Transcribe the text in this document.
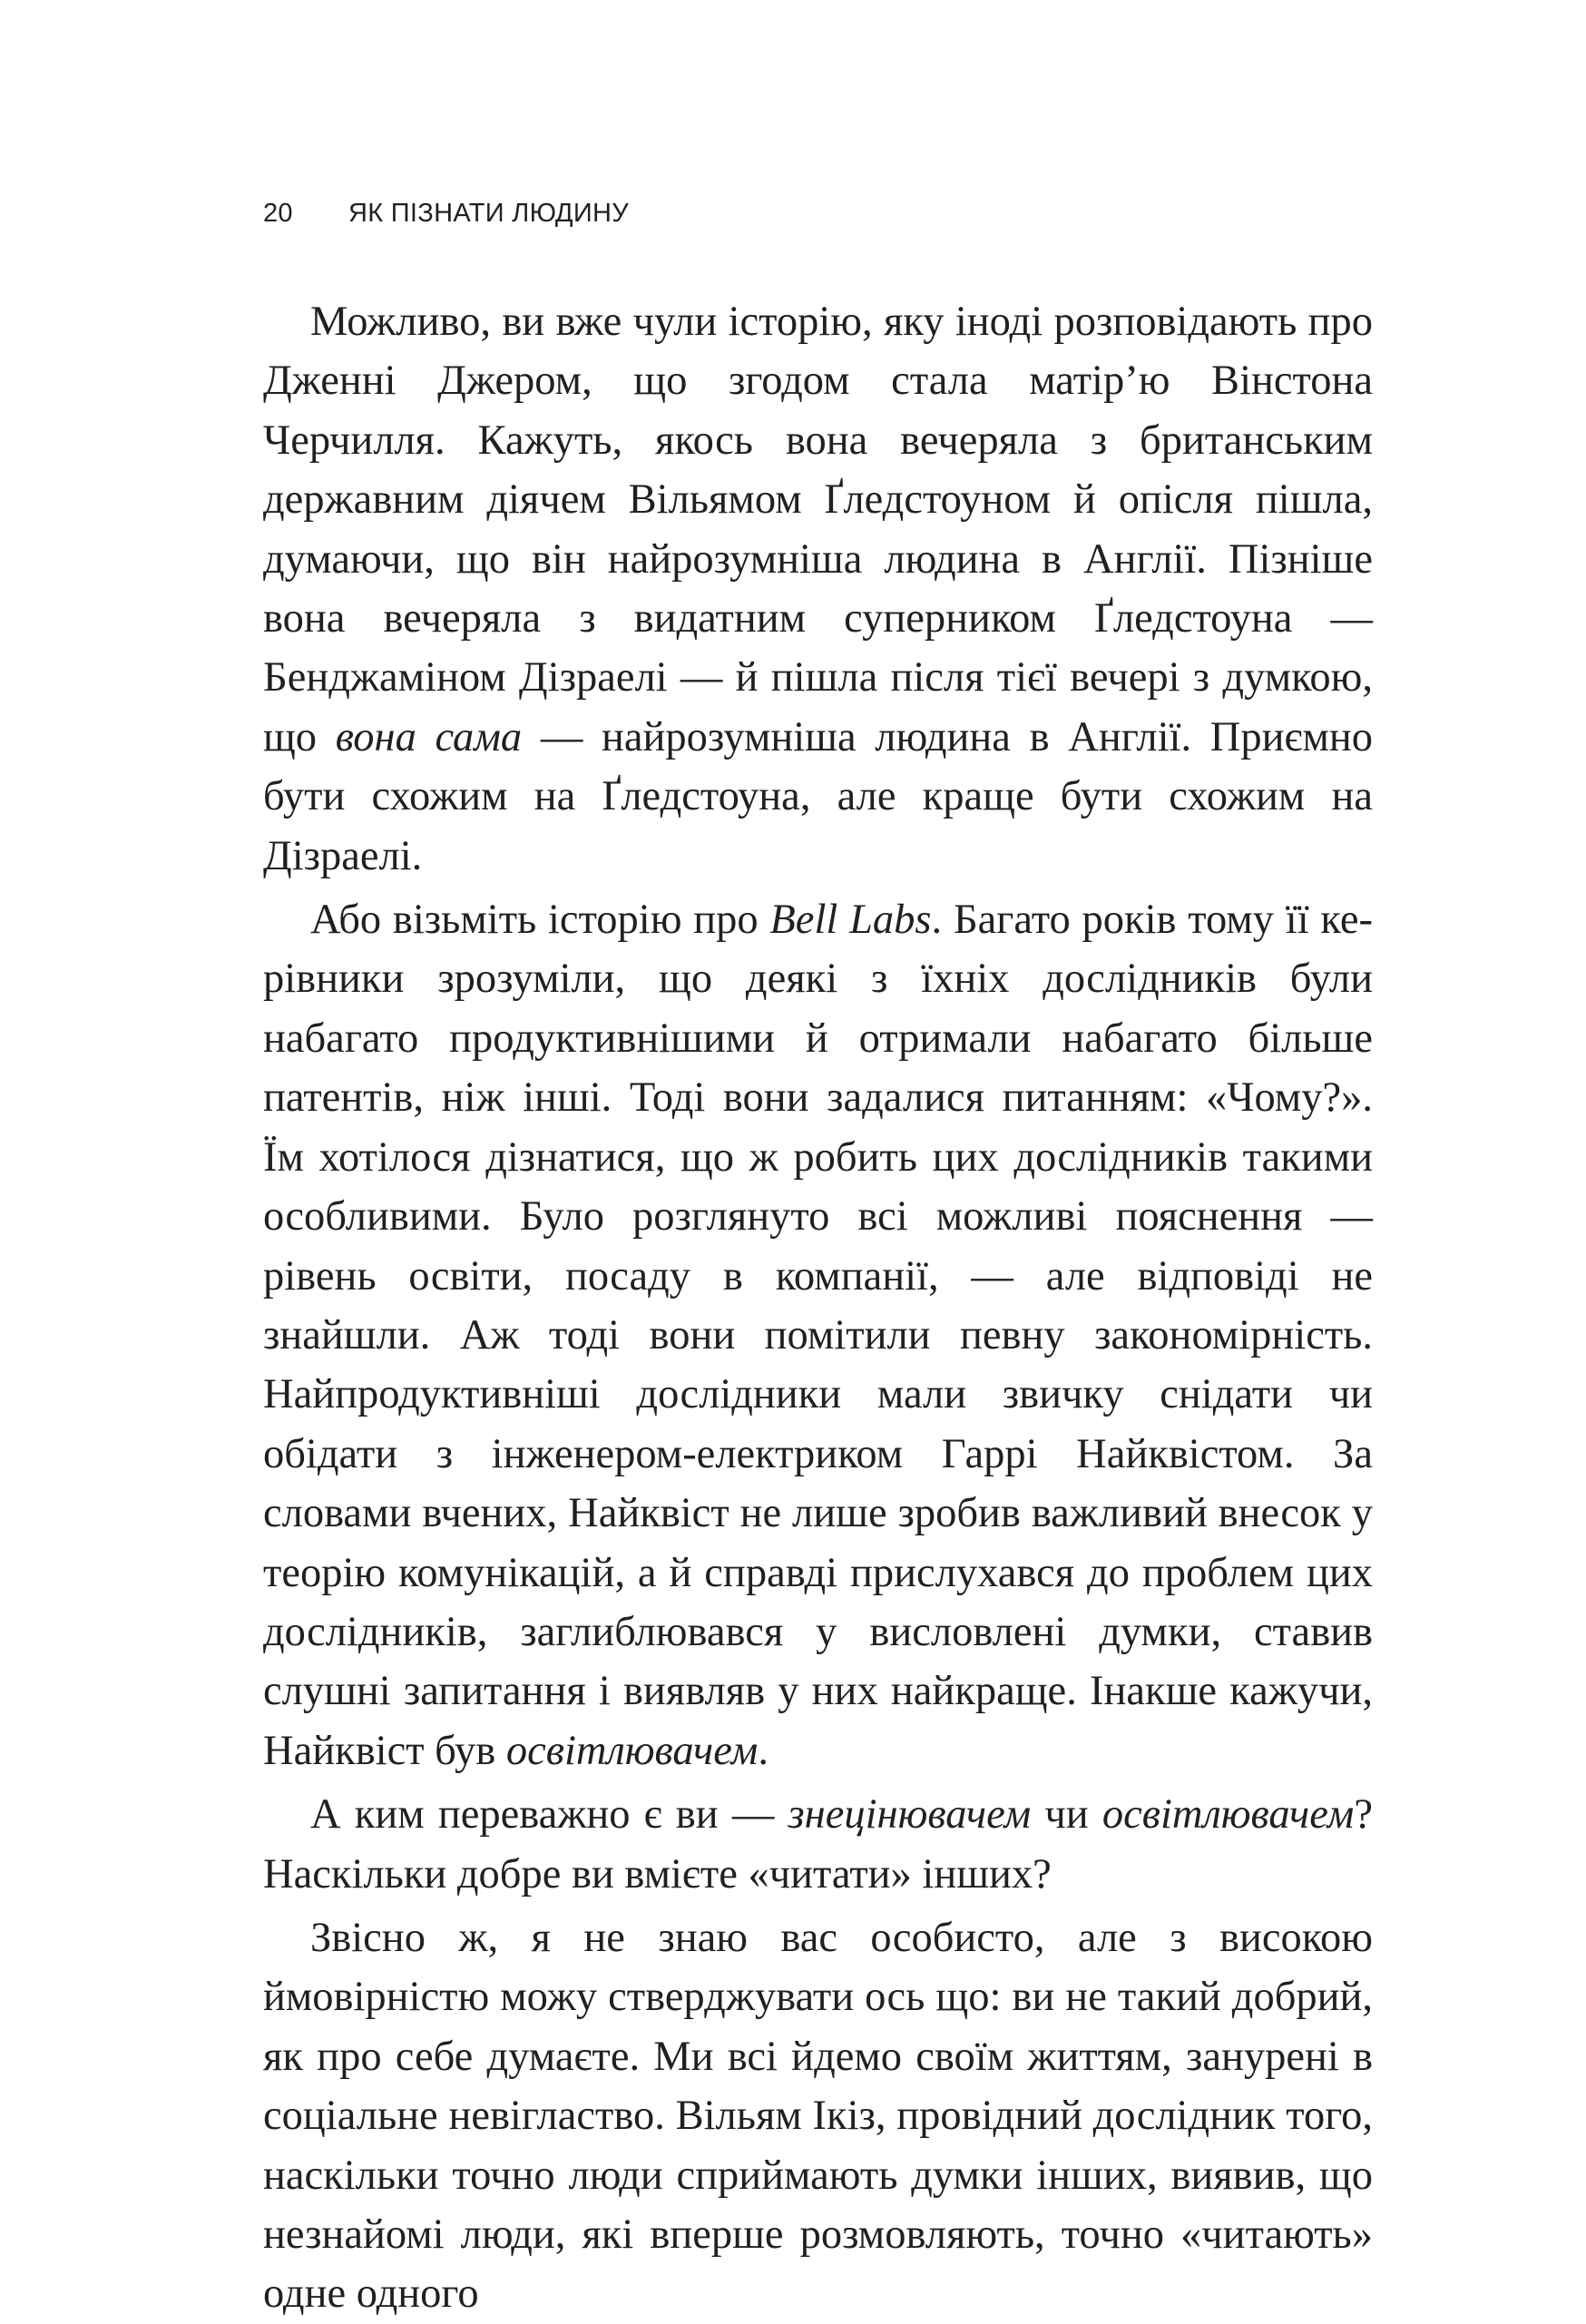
20 ЯК ПІЗНАТИ ЛЮДИНУ

Можливо, ви вже чули історію, яку іноді розповідають про Дженні Джером, що згодом стала матір’ю Вінстона Черчилля. Кажуть, якось вона вечеряла з британським державним діячем Вільямом Ґледстоуном й опісля пішла, думаючи, що він найрозумніша людина в Англії. Пізніше вона вечеряла з видатним суперником Ґледстоуна — Бенджаміном Дізраелі — й пішла після тієї вечері з думкою, що вона сама — найрозумніша людина в Англії. Приємно бути схожим на Ґледстоуна, але краще бути схожим на Дізраелі.

Або візьміть історію про Bell Labs. Багато років тому її керівники зрозуміли, що деякі з їхніх дослідників були набагато продуктивнішими й отримали набагато більше патентів, ніж інші. Тоді вони задалися питанням: «Чому?». Їм хотілося дізнатися, що ж робить цих дослідників такими особливими. Було розглянуто всі можливі пояснення — рівень освіти, посаду в компанії, — але відповіді не знайшли. Аж тоді вони помітили певну закономірність. Найпродуктивніші дослідники мали звичку снідати чи обідати з інженером-електриком Гаррі Найквістом. За словами вчених, Найквіст не лише зробив важливий внесок у теорію комунікацій, а й справді прислухався до проблем цих дослідників, заглиблювався у висловлені думки, ставив слушні запитання і виявляв у них найкраще. Інакше кажучи, Найквіст був освітлювачем.

А ким переважно є ви — знецінювачем чи освітлювачем? Наскільки добре ви вмієте «читати» інших?

Звісно ж, я не знаю вас особисто, але з високою ймовірністю можу стверджувати ось що: ви не такий добрий, як про себе думаєте. Ми всі йдемо своїм життям, занурені в соціальне невігластво. Вільям Ікіз, провідний дослідник того, наскільки точно люди сприймають думки інших, виявив, що незнайомі люди, які вперше розмовляють, точно «читають» одне одного
